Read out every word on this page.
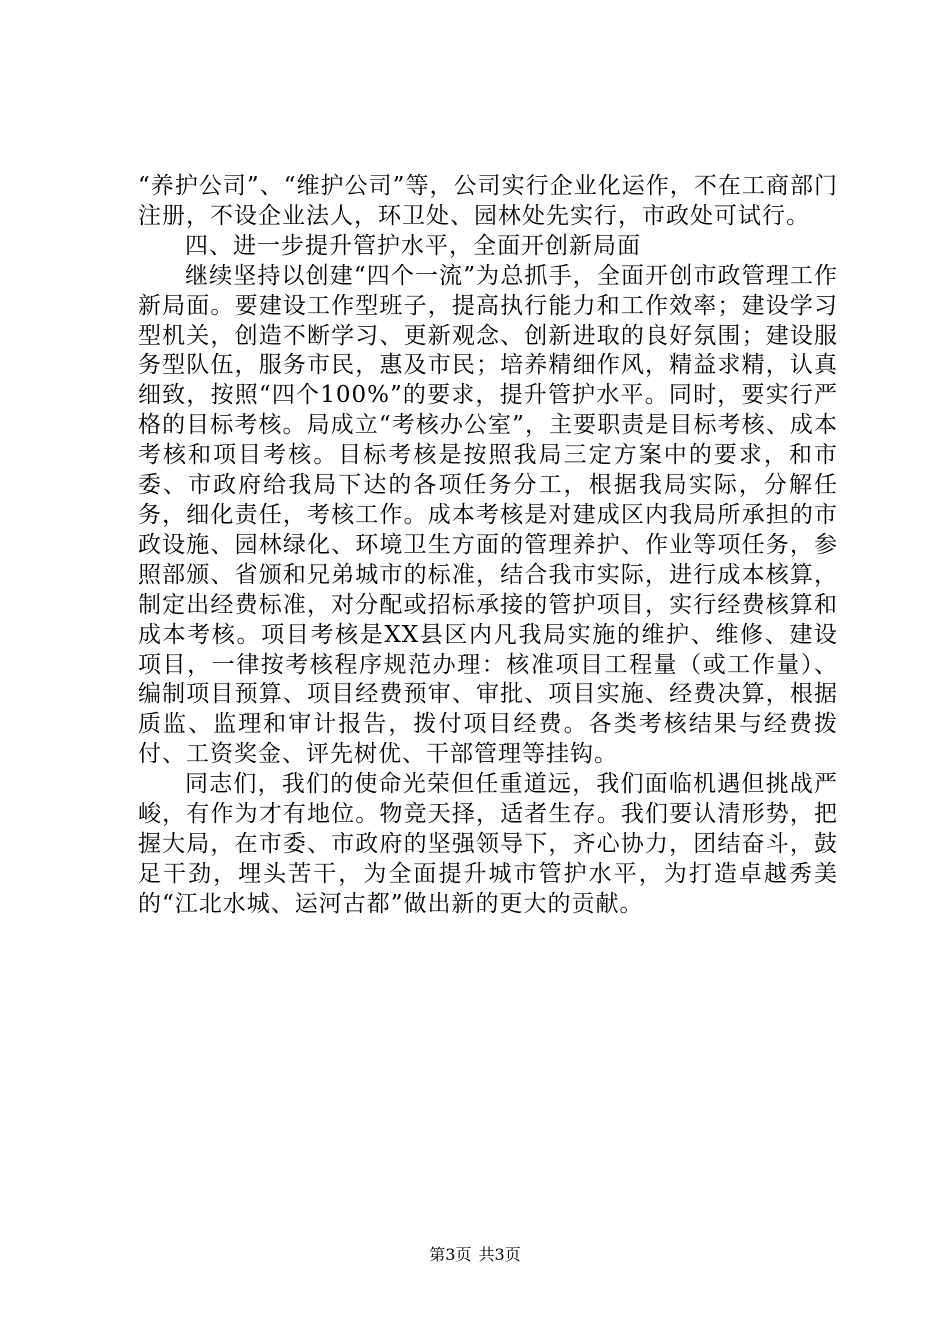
“养护公司”、“维护公司”等，公司实行企业化运作，不在工商部门注册，不设企业法人，环卫处、园林处先实行，市政处可试行。

四、进一步提升管护水平，全面开创新局面

继续坚持以创建“四个一流”为总抓手，全面开创市政管理工作新局面。要建设工作型班子，提高执行能力和工作效率；建设学习型机关，创造不断学习、更新观念、创新进取的良好氛围；建设服务型队伍，服务市民，惠及市民；培养精细作风，精益求精，认真细致，按照“四个100%”的要求，提升管护水平。同时，要实行严格的目标考核。局成立“考核办公室”，主要职责是目标考核、成本考核和项目考核。目标考核是按照我局三定方案中的要求，和市委、市政府给我局下达的各项任务分工，根据我局实际，分解任务，细化责任，考核工作。成本考核是对建成区内我局所承担的市政设施、园林绿化、环境卫生方面的管理养护、作业等项任务，参照部颁、省颁和兄弟城市的标准，结合我市实际，进行成本核算，制定出经费标准，对分配或招标承接的管护项目，实行经费核算和成本考核。项目考核是XX县区内凡我局实施的维护、维修、建设项目，一律按考核程序规范办理：核准项目工程量（或工作量）、编制项目预算、项目经费预审、审批、项目实施、经费决算，根据质监、监理和审计报告，拨付项目经费。各类考核结果与经费拨付、工资奖金、评先树优、干部管理等挂钩。

同志们，我们的使命光荣但任重道远，我们面临机遇但挑战严峻，有作为才有地位。物竞天择，适者生存。我们要认清形势，把握大局，在市委、市政府的坚强领导下，齐心协力，团结奋斗，鼓足干劲，埋头苦干，为全面提升城市管护水平，为打造卓越秀美的“江北水城、运河古都”做出新的更大的贡献。

第3页 共3页
